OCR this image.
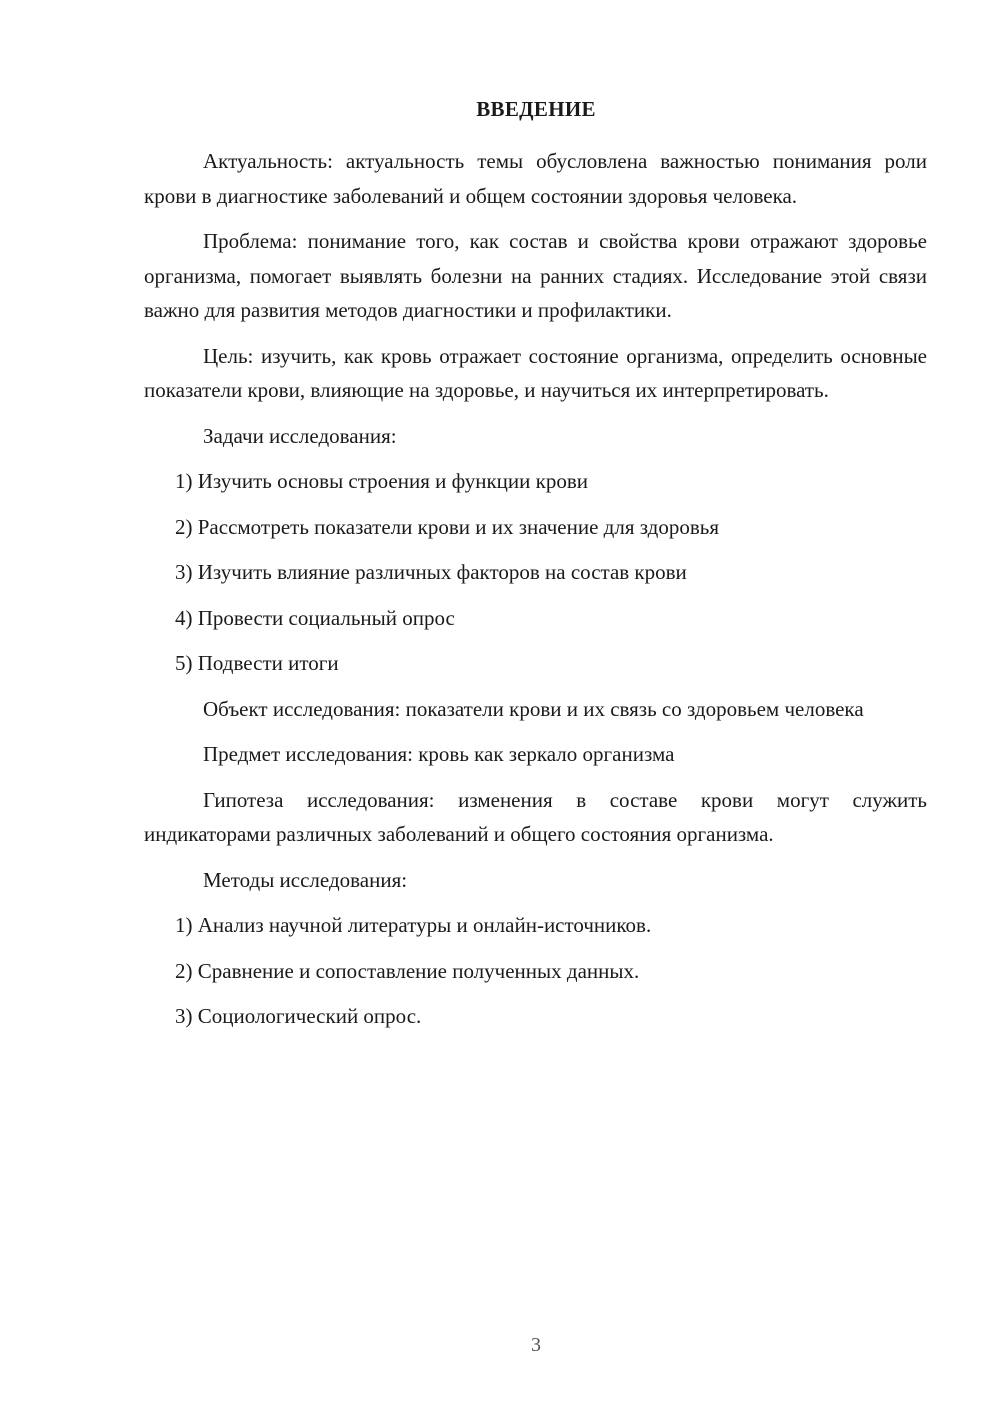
ВВЕДЕНИЕ

Актуальность: актуальность темы обусловлена важностью понимания роли крови в диагностике заболеваний и общем состоянии здоровья человека.

Проблема: понимание того, как состав и свойства крови отражают здоровье организма, помогает выявлять болезни на ранних стадиях. Исследование этой связи важно для развития методов диагностики и профилактики.

Цель: изучить, как кровь отражает состояние организма, определить основные показатели крови, влияющие на здоровье, и научиться их интерпретировать.

Задачи исследования:

1) Изучить основы строения и функции крови

2) Рассмотреть показатели крови и их значение для здоровья

3) Изучить влияние различных факторов на состав крови

4) Провести социальный опрос

5) Подвести итоги

Объект исследования: показатели крови и их связь со здоровьем человека

Предмет исследования: кровь как зеркало организма

Гипотеза исследования: изменения в составе крови могут служить индикаторами различных заболеваний и общего состояния организма.

Методы исследования:

1) Анализ научной литературы и онлайн-источников.

2) Сравнение и сопоставление полученных данных.

3) Социологический опрос.

3
